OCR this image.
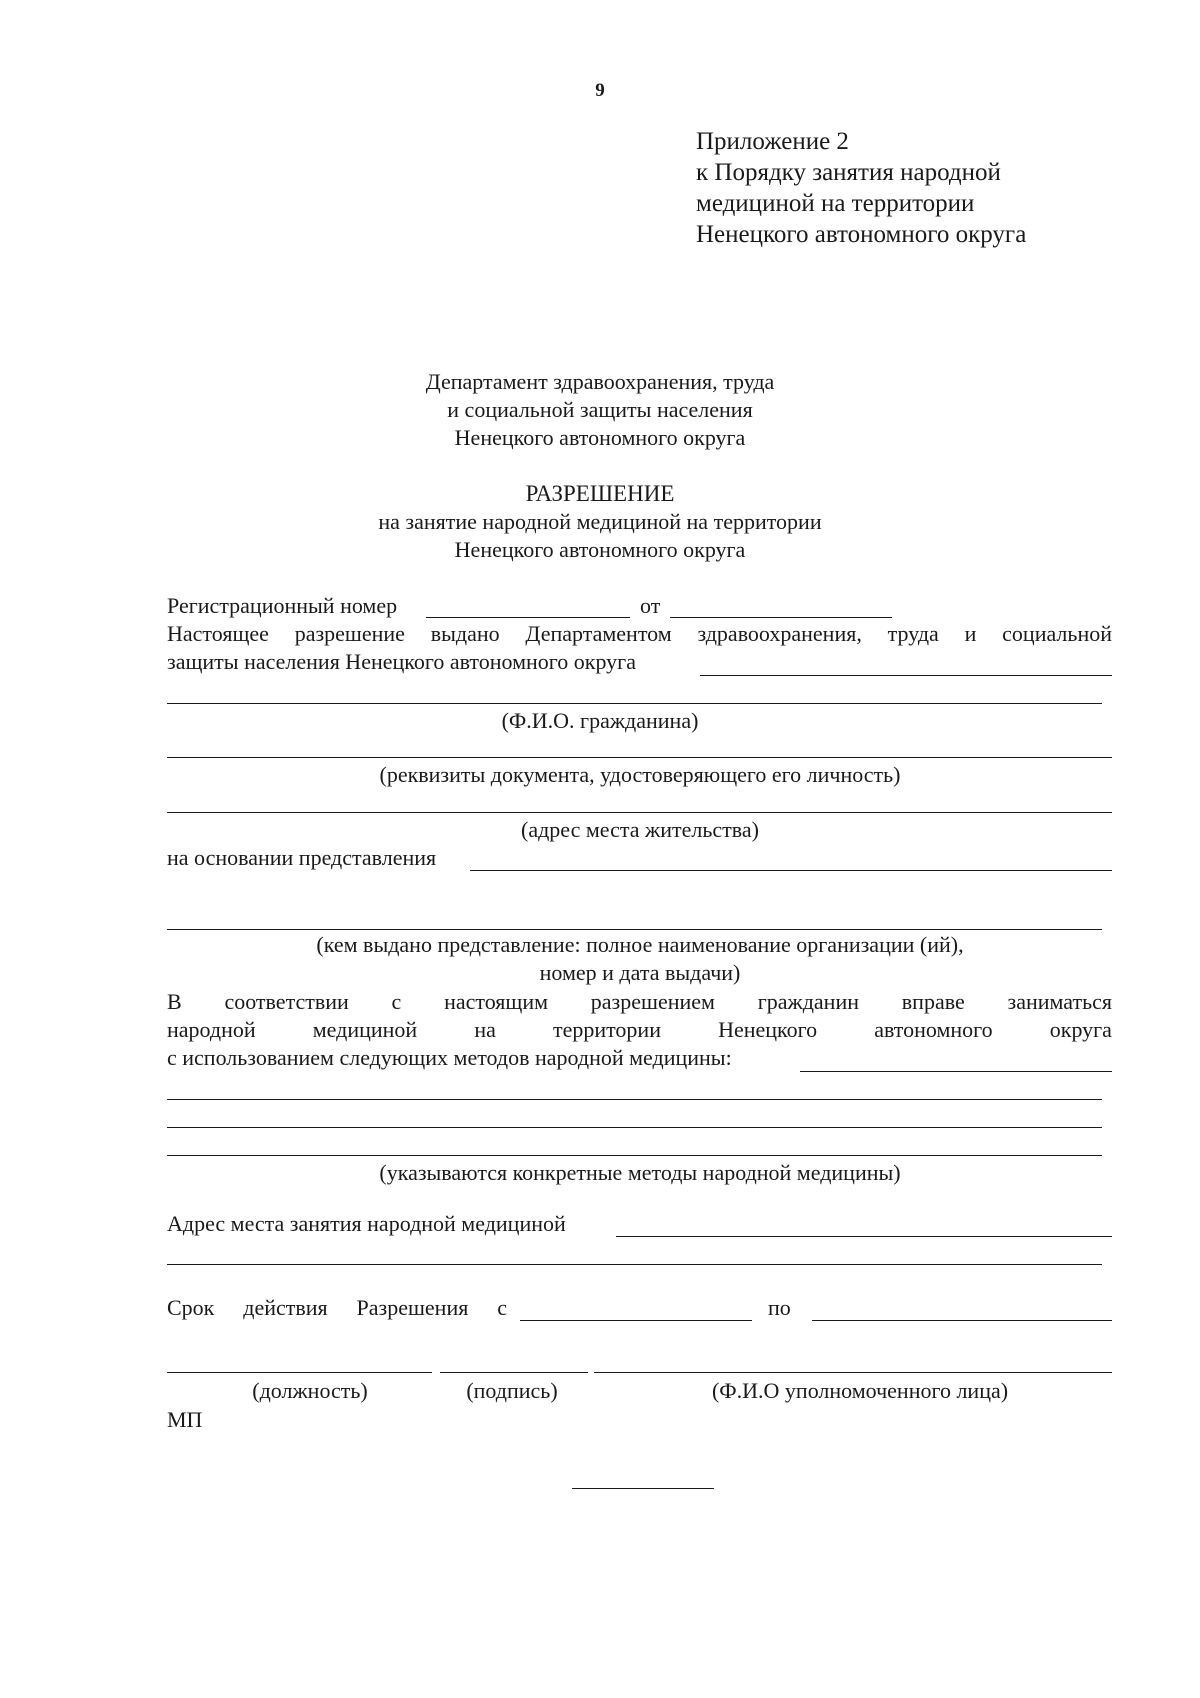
9
Приложение 2
к Порядку занятия народной
медициной на территории
Ненецкого автономного округа
Департамент здравоохранения, труда
и социальной защиты населения
Ненецкого автономного округа
РАЗРЕШЕНИЕ
на занятие народной медициной на территории
Ненецкого автономного округа
Регистрационный номер	от
Настоящее разрешение выдано Департаментом здравоохранения, труда и социальной
защиты населения Ненецкого автономного округа
(Ф.И.О. гражданина)
(реквизиты документа, удостоверяющего его личность)
(адрес места жительства)
на основании представления
(кем выдано представление: полное наименование организации (ий),
номер и дата выдачи)
В соответствии с настоящим разрешением гражданин вправе заниматься
народной	медициной	на	территории	Ненецкого	автономного	округа
с использованием следующих методов народной медицины:
(указываются конкретные методы народной медицины)
Адрес места занятия народной медициной
Срок действия Разрешения с	по
(должность)	(подпись)	(Ф.И.О уполномоченного лица)
МП
